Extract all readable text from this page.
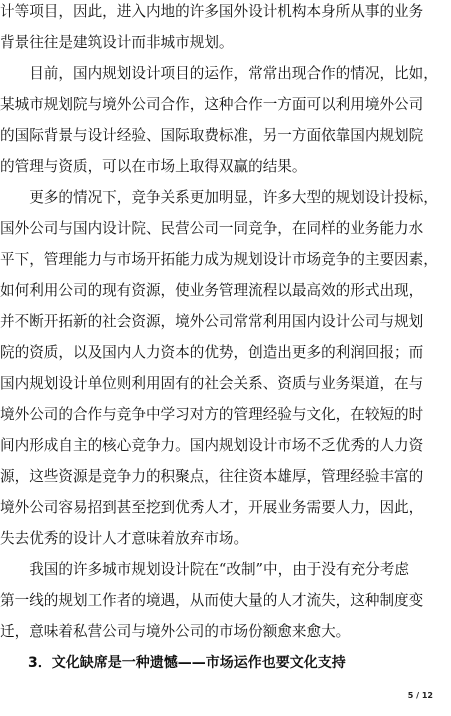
计等项目，因此，进入内地的许多国外设计机构本身所从事的业务
背景往往是建筑设计而非城市规划。
　　目前，国内规划设计项目的运作，常常出现合作的情况，比如，
某城市规划院与境外公司合作，这种合作一方面可以利用境外公司
的国际背景与设计经验、国际取费标准，另一方面依靠国内规划院
的管理与资质，可以在市场上取得双赢的结果。
　　更多的情况下，竞争关系更加明显，许多大型的规划设计投标，
国外公司与国内设计院、民营公司一同竞争，在同样的业务能力水
平下，管理能力与市场开拓能力成为规划设计市场竞争的主要因素，
如何利用公司的现有资源，使业务管理流程以最高效的形式出现，
并不断开拓新的社会资源，境外公司常常利用国内设计公司与规划
院的资质，以及国内人力资本的优势，创造出更多的利润回报；而
国内规划设计单位则利用固有的社会关系、资质与业务渠道，在与
境外公司的合作与竞争中学习对方的管理经验与文化，在较短的时
间内形成自主的核心竞争力。国内规划设计市场不乏优秀的人力资
源，这些资源是竞争力的积聚点，往往资本雄厚，管理经验丰富的
境外公司容易招到甚至挖到优秀人才，开展业务需要人力，因此，
失去优秀的设计人才意味着放弃市场。
　　我国的许多城市规划设计院在“改制”中，由于没有充分考虑
第一线的规划工作者的境遇，从而使大量的人才流失，这种制度变
迁，意味着私营公司与境外公司的市场份额愈来愈大。
　　3．文化缺席是一种遗憾——市场运作也要文化支持
5 / 12
